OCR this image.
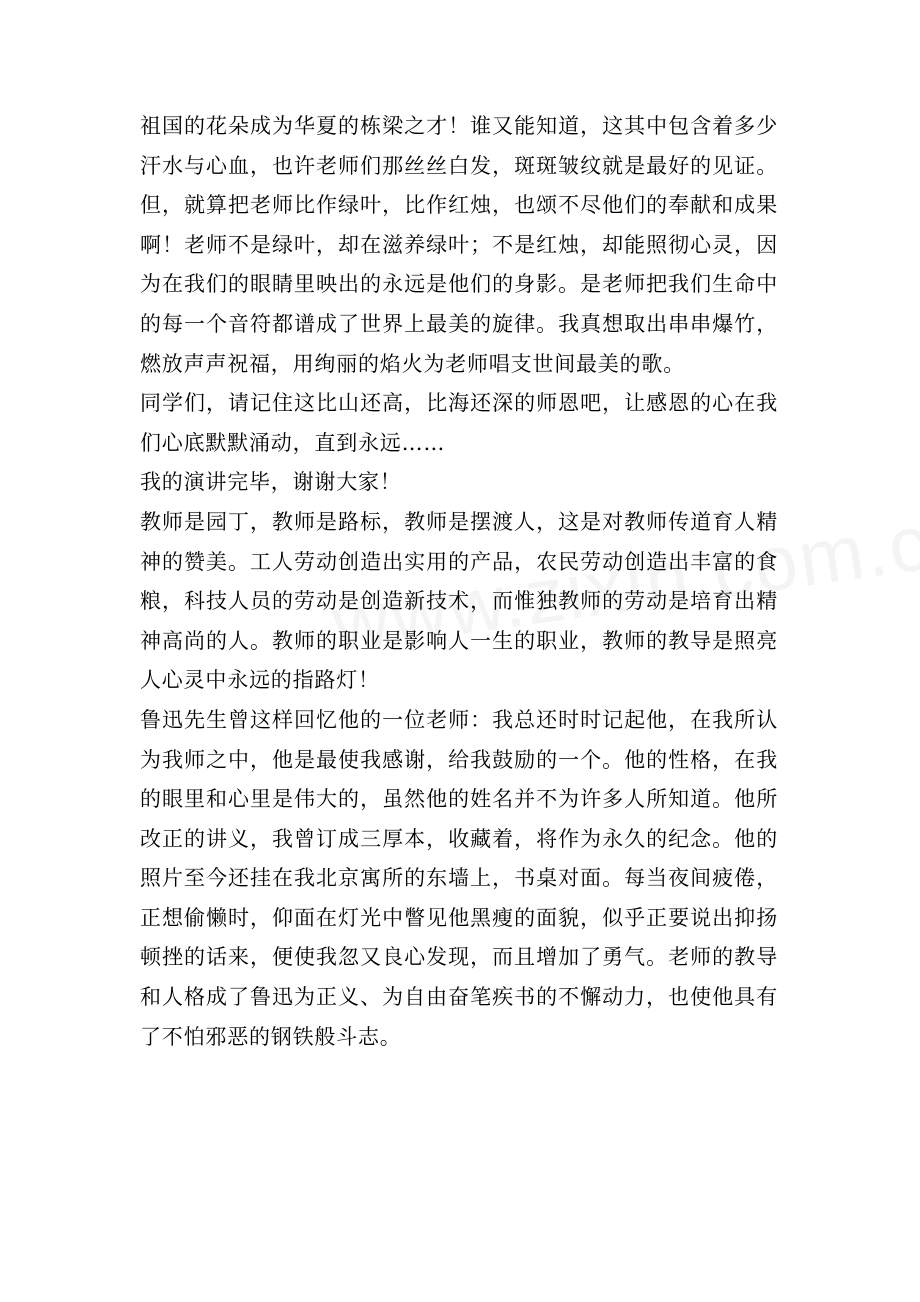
祖国的花朵成为华夏的栋梁之才！谁又能知道，这其中包含着多少汗水与心血，也许老师们那丝丝白发，斑斑皱纹就是最好的见证。但，就算把老师比作绿叶，比作红烛，也颂不尽他们的奉献和成果啊！老师不是绿叶，却在滋养绿叶；不是红烛，却能照彻心灵，因为在我们的眼睛里映出的永远是他们的身影。是老师把我们生命中的每一个音符都谱成了世界上最美的旋律。我真想取出串串爆竹，燃放声声祝福，用绚丽的焰火为老师唱支世间最美的歌。

同学们，请记住这比山还高，比海还深的师恩吧，让感恩的心在我们心底默默涌动，直到永远……

我的演讲完毕，谢谢大家！

教师是园丁，教师是路标，教师是摆渡人，这是对教师传道育人精神的赞美。工人劳动创造出实用的产品，农民劳动创造出丰富的食粮，科技人员的劳动是创造新技术，而惟独教师的劳动是培育出精神高尚的人。教师的职业是影响人一生的职业，教师的教导是照亮人心灵中永远的指路灯！

鲁迅先生曾这样回忆他的一位老师：我总还时时记起他，在我所认为我师之中，他是最使我感谢，给我鼓励的一个。他的性格，在我的眼里和心里是伟大的，虽然他的姓名并不为许多人所知道。他所改正的讲义，我曾订成三厚本，收藏着，将作为永久的纪念。他的照片至今还挂在我北京寓所的东墙上，书桌对面。每当夜间疲倦，正想偷懒时，仰面在灯光中瞥见他黑瘦的面貌，似乎正要说出抑扬顿挫的话来，便使我忽又良心发现，而且增加了勇气。老师的教导和人格成了鲁迅为正义、为自由奋笔疾书的不懈动力，也使他具有了不怕邪恶的钢铁般斗志。
